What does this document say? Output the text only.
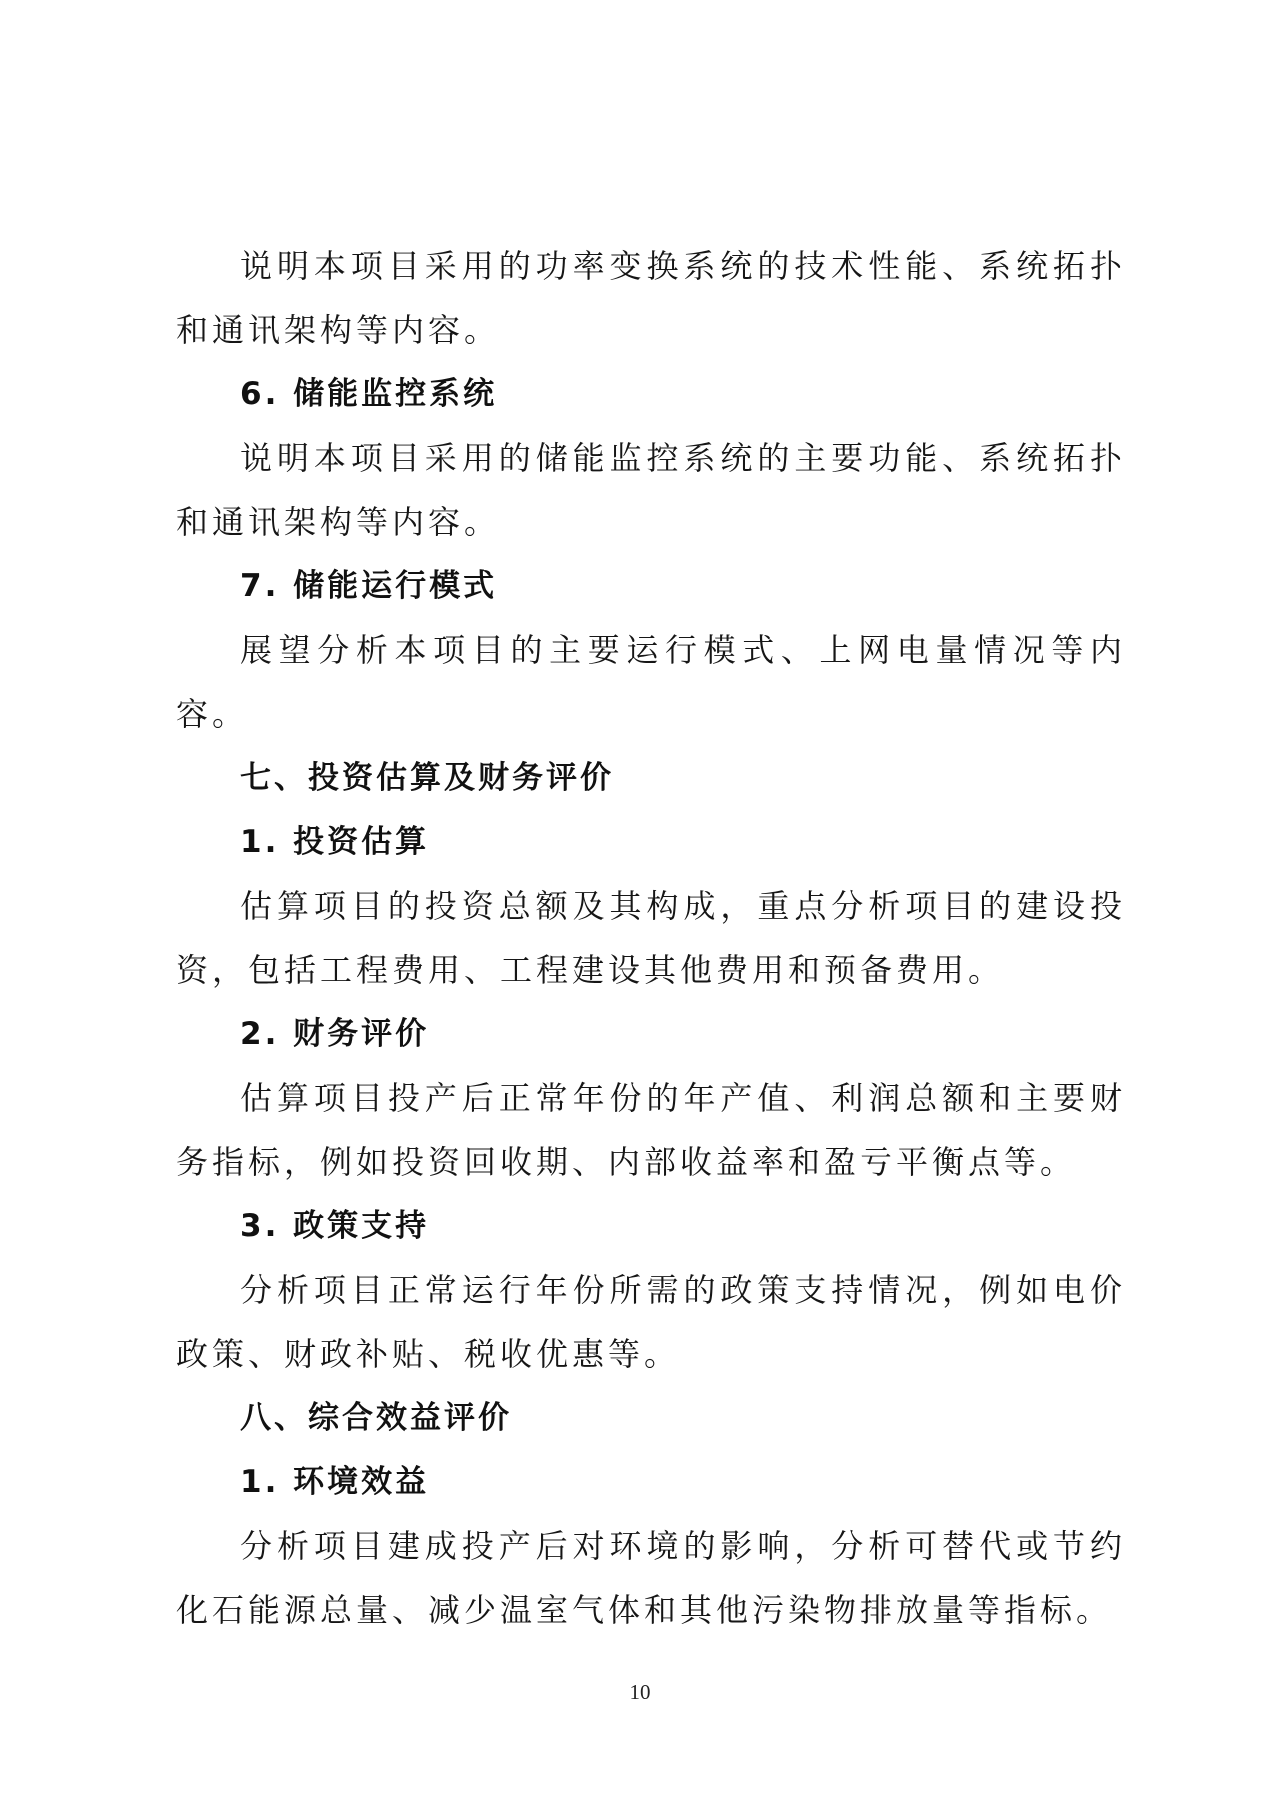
说明本项目采用的功率变换系统的技术性能、系统拓扑和通讯架构等内容。

6. 储能监控系统

说明本项目采用的储能监控系统的主要功能、系统拓扑和通讯架构等内容。

7. 储能运行模式

展望分析本项目的主要运行模式、上网电量情况等内容。

七、投资估算及财务评价

1. 投资估算

估算项目的投资总额及其构成，重点分析项目的建设投资，包括工程费用、工程建设其他费用和预备费用。

2. 财务评价

估算项目投产后正常年份的年产值、利润总额和主要财务指标，例如投资回收期、内部收益率和盈亏平衡点等。

3. 政策支持

分析项目正常运行年份所需的政策支持情况，例如电价政策、财政补贴、税收优惠等。

八、综合效益评价

1. 环境效益

分析项目建成投产后对环境的影响，分析可替代或节约化石能源总量、减少温室气体和其他污染物排放量等指标。

10
